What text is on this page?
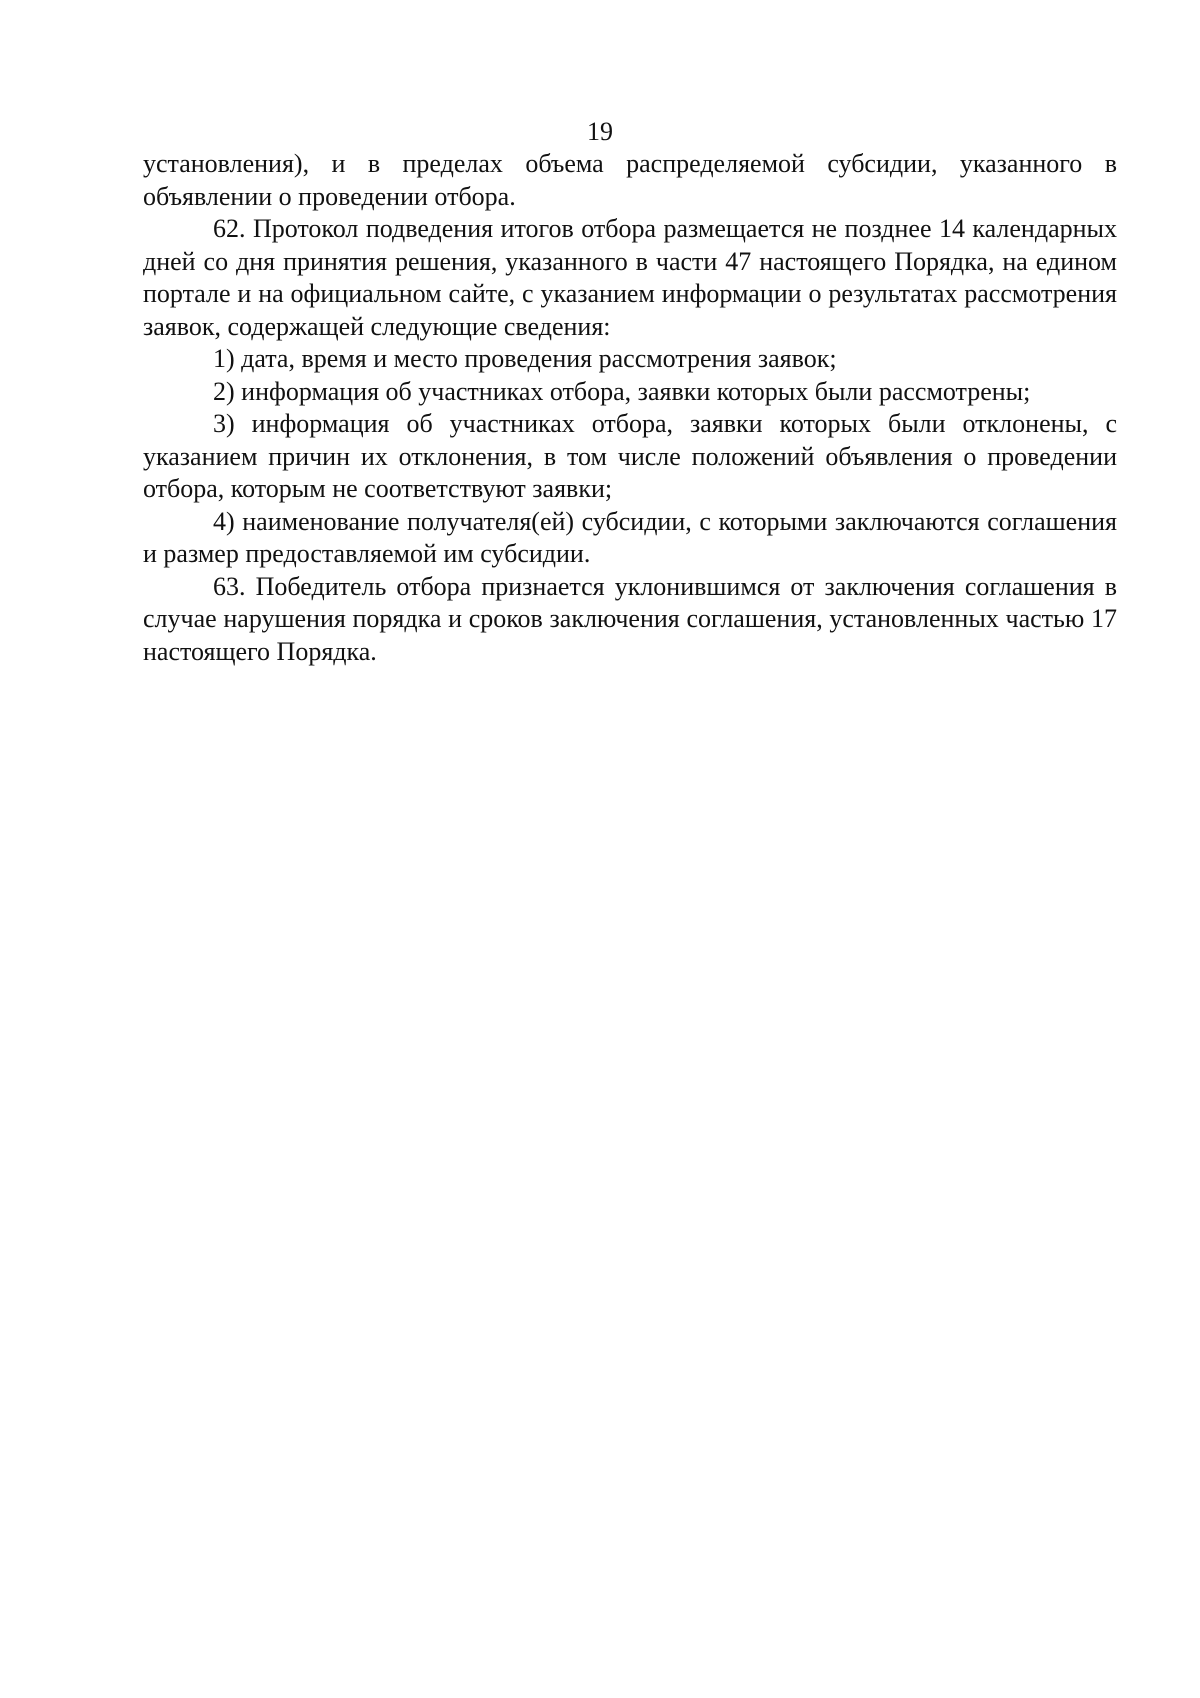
19

установления), и в пределах объема распределяемой субсидии, указанного в объявлении о проведении отбора.

62. Протокол подведения итогов отбора размещается не позднее 14 календарных дней со дня принятия решения, указанного в части 47 настоящего Порядка, на едином портале и на официальном сайте, с указанием информации о результатах рассмотрения заявок, содержащей следующие сведения:

1) дата, время и место проведения рассмотрения заявок;

2) информация об участниках отбора, заявки которых были рассмотрены;

3) информация об участниках отбора, заявки которых были отклонены, с указанием причин их отклонения, в том числе положений объявления о проведении отбора, которым не соответствуют заявки;

4) наименование получателя(ей) субсидии, с которыми заключаются соглашения и размер предоставляемой им субсидии.

63. Победитель отбора признается уклонившимся от заключения соглашения в случае нарушения порядка и сроков заключения соглашения, установленных частью 17 настоящего Порядка.
